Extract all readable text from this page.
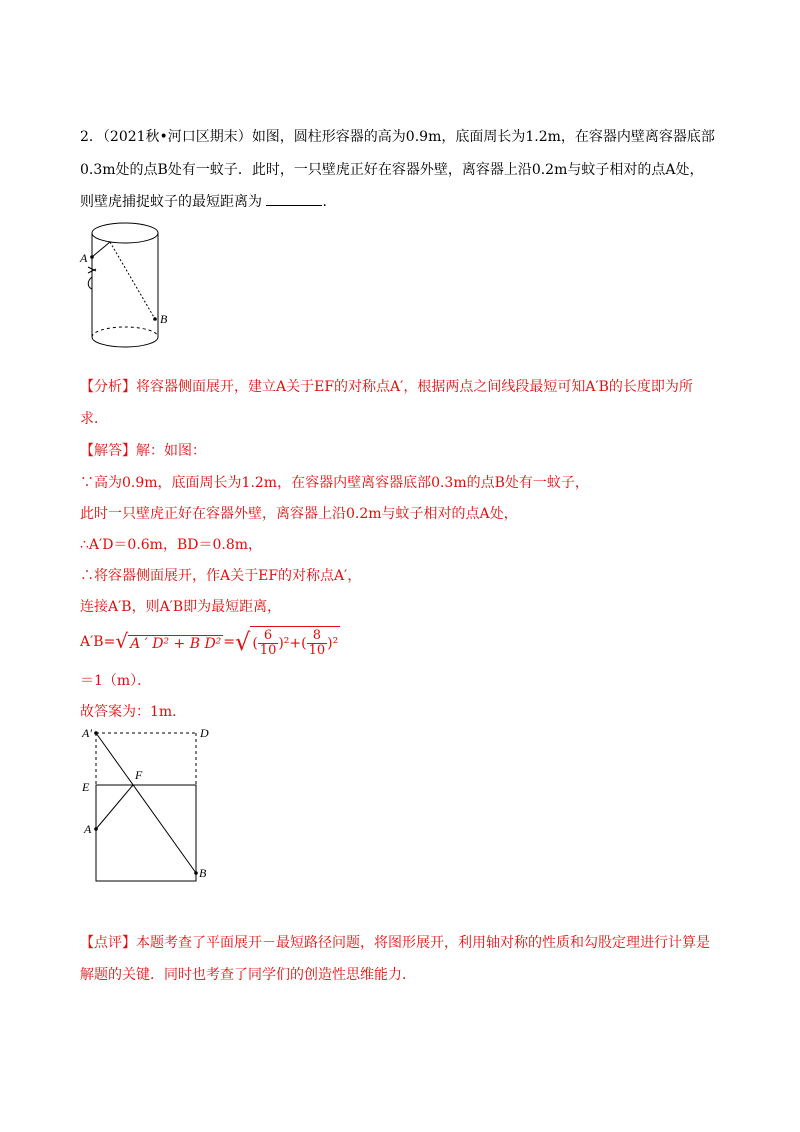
2．（2021秋•河口区期末）如图，圆柱形容器的高为0.9m，底面周长为1.2m，在容器内壁离容器底部
0.3m处的点B处有一蚊子．此时，一只壁虎正好在容器外壁，离容器上沿0.2m与蚊子相对的点A处，
则壁虎捕捉蚊子的最短距离为	．
A
B
【分析】将容器侧面展开，建立A关于EF的对称点A′，根据两点之间线段最短可知A′B的长度即为所
求．
【解答】解：如图：
∵高为0.9m，底面周长为1.2m，在容器内壁离容器底部0.3m的点B处有一蚊子，
此时一只壁虎正好在容器外壁，离容器上沿0.2m与蚊子相对的点A处，
∴A′D＝0.6m，BD＝0.8m，
∴将容器侧面展开，作A关于EF的对称点A′，
连接A′B，则A′B即为最短距离，
A′B=√ A ′ D² + B D² =√ ( $\frac{6}{10} )^2+( \frac{8}{10} )^2$
＝1（m）．
故答案为：1m．
A′	D
E
F
A
B
【点评】本题考查了平面展开－最短路径问题，将图形展开，利用轴对称的性质和勾股定理进行计算是
解题的关键．同时也考查了同学们的创造性思维能力．
